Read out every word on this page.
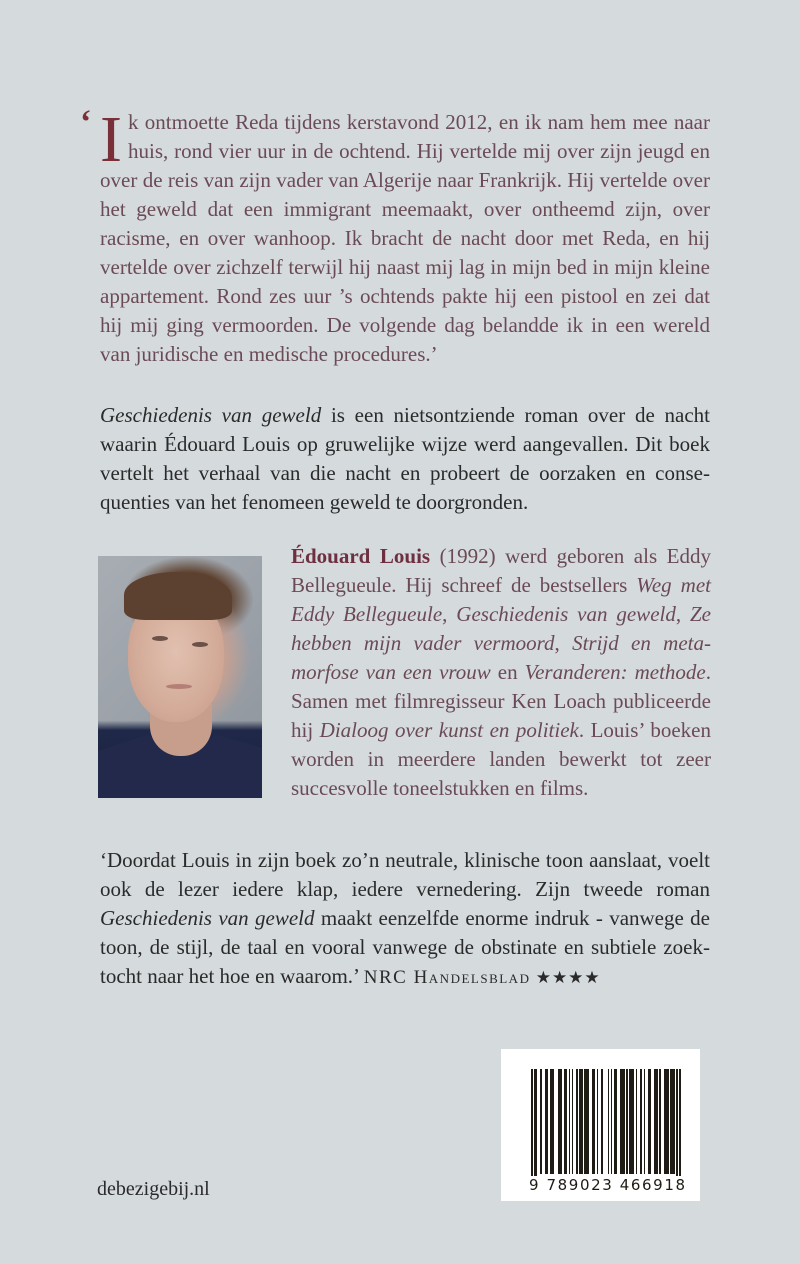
‘ I k ontmoette Reda tijdens kerstavond 2012, en ik nam hem mee naar huis, rond vier uur in de ochtend. Hij vertelde mij over zijn jeugd en over de reis van zijn vader van Algerije naar Frankrijk. Hij vertelde over het geweld dat een immigrant meemaakt, over ontheemd zijn, over racisme, en over wanhoop. Ik bracht de nacht door met Reda, en hij vertelde over zichzelf terwijl hij naast mij lag in mijn bed in mijn kleine appartement. Rond zes uur ’s ochtends pakte hij een pistool en zei dat hij mij ging vermoorden. De volgende dag belandde ik in een wereld van juridische en medische procedures.’
Geschiedenis van geweld is een nietsontziende roman over de nacht waarin Édouard Louis op gruwelijke wijze werd aangevallen. Dit boek vertelt het verhaal van die nacht en probeert de oorzaken en consequenties van het fenomeen geweld te doorgronden.
Édouard Louis (1992) werd geboren als Eddy Bellegueule. Hij schreef de bestsellers Weg met Eddy Bellegueule, Geschiedenis van geweld, Ze hebben mijn vader vermoord, Strijd en metamorfose van een vrouw en Veranderen: methode. Samen met filmregisseur Ken Loach publiceerde hij Dialoog over kunst en politiek. Louis’ boeken worden in meerdere landen bewerkt tot zeer succesvolle toneelstukken en films.
‘Doordat Louis in zijn boek zo’n neutrale, klinische toon aanslaat, voelt ook de lezer iedere klap, iedere vernedering. Zijn tweede roman Geschiedenis van geweld maakt eenzelfde enorme indruk - vanwege de toon, de stijl, de taal en vooral vanwege de obstinate en subtiele zoektocht naar het hoe en waarom.’ NRC Handelsblad ★★★★
9 789023 466918
debezigebij.nl
